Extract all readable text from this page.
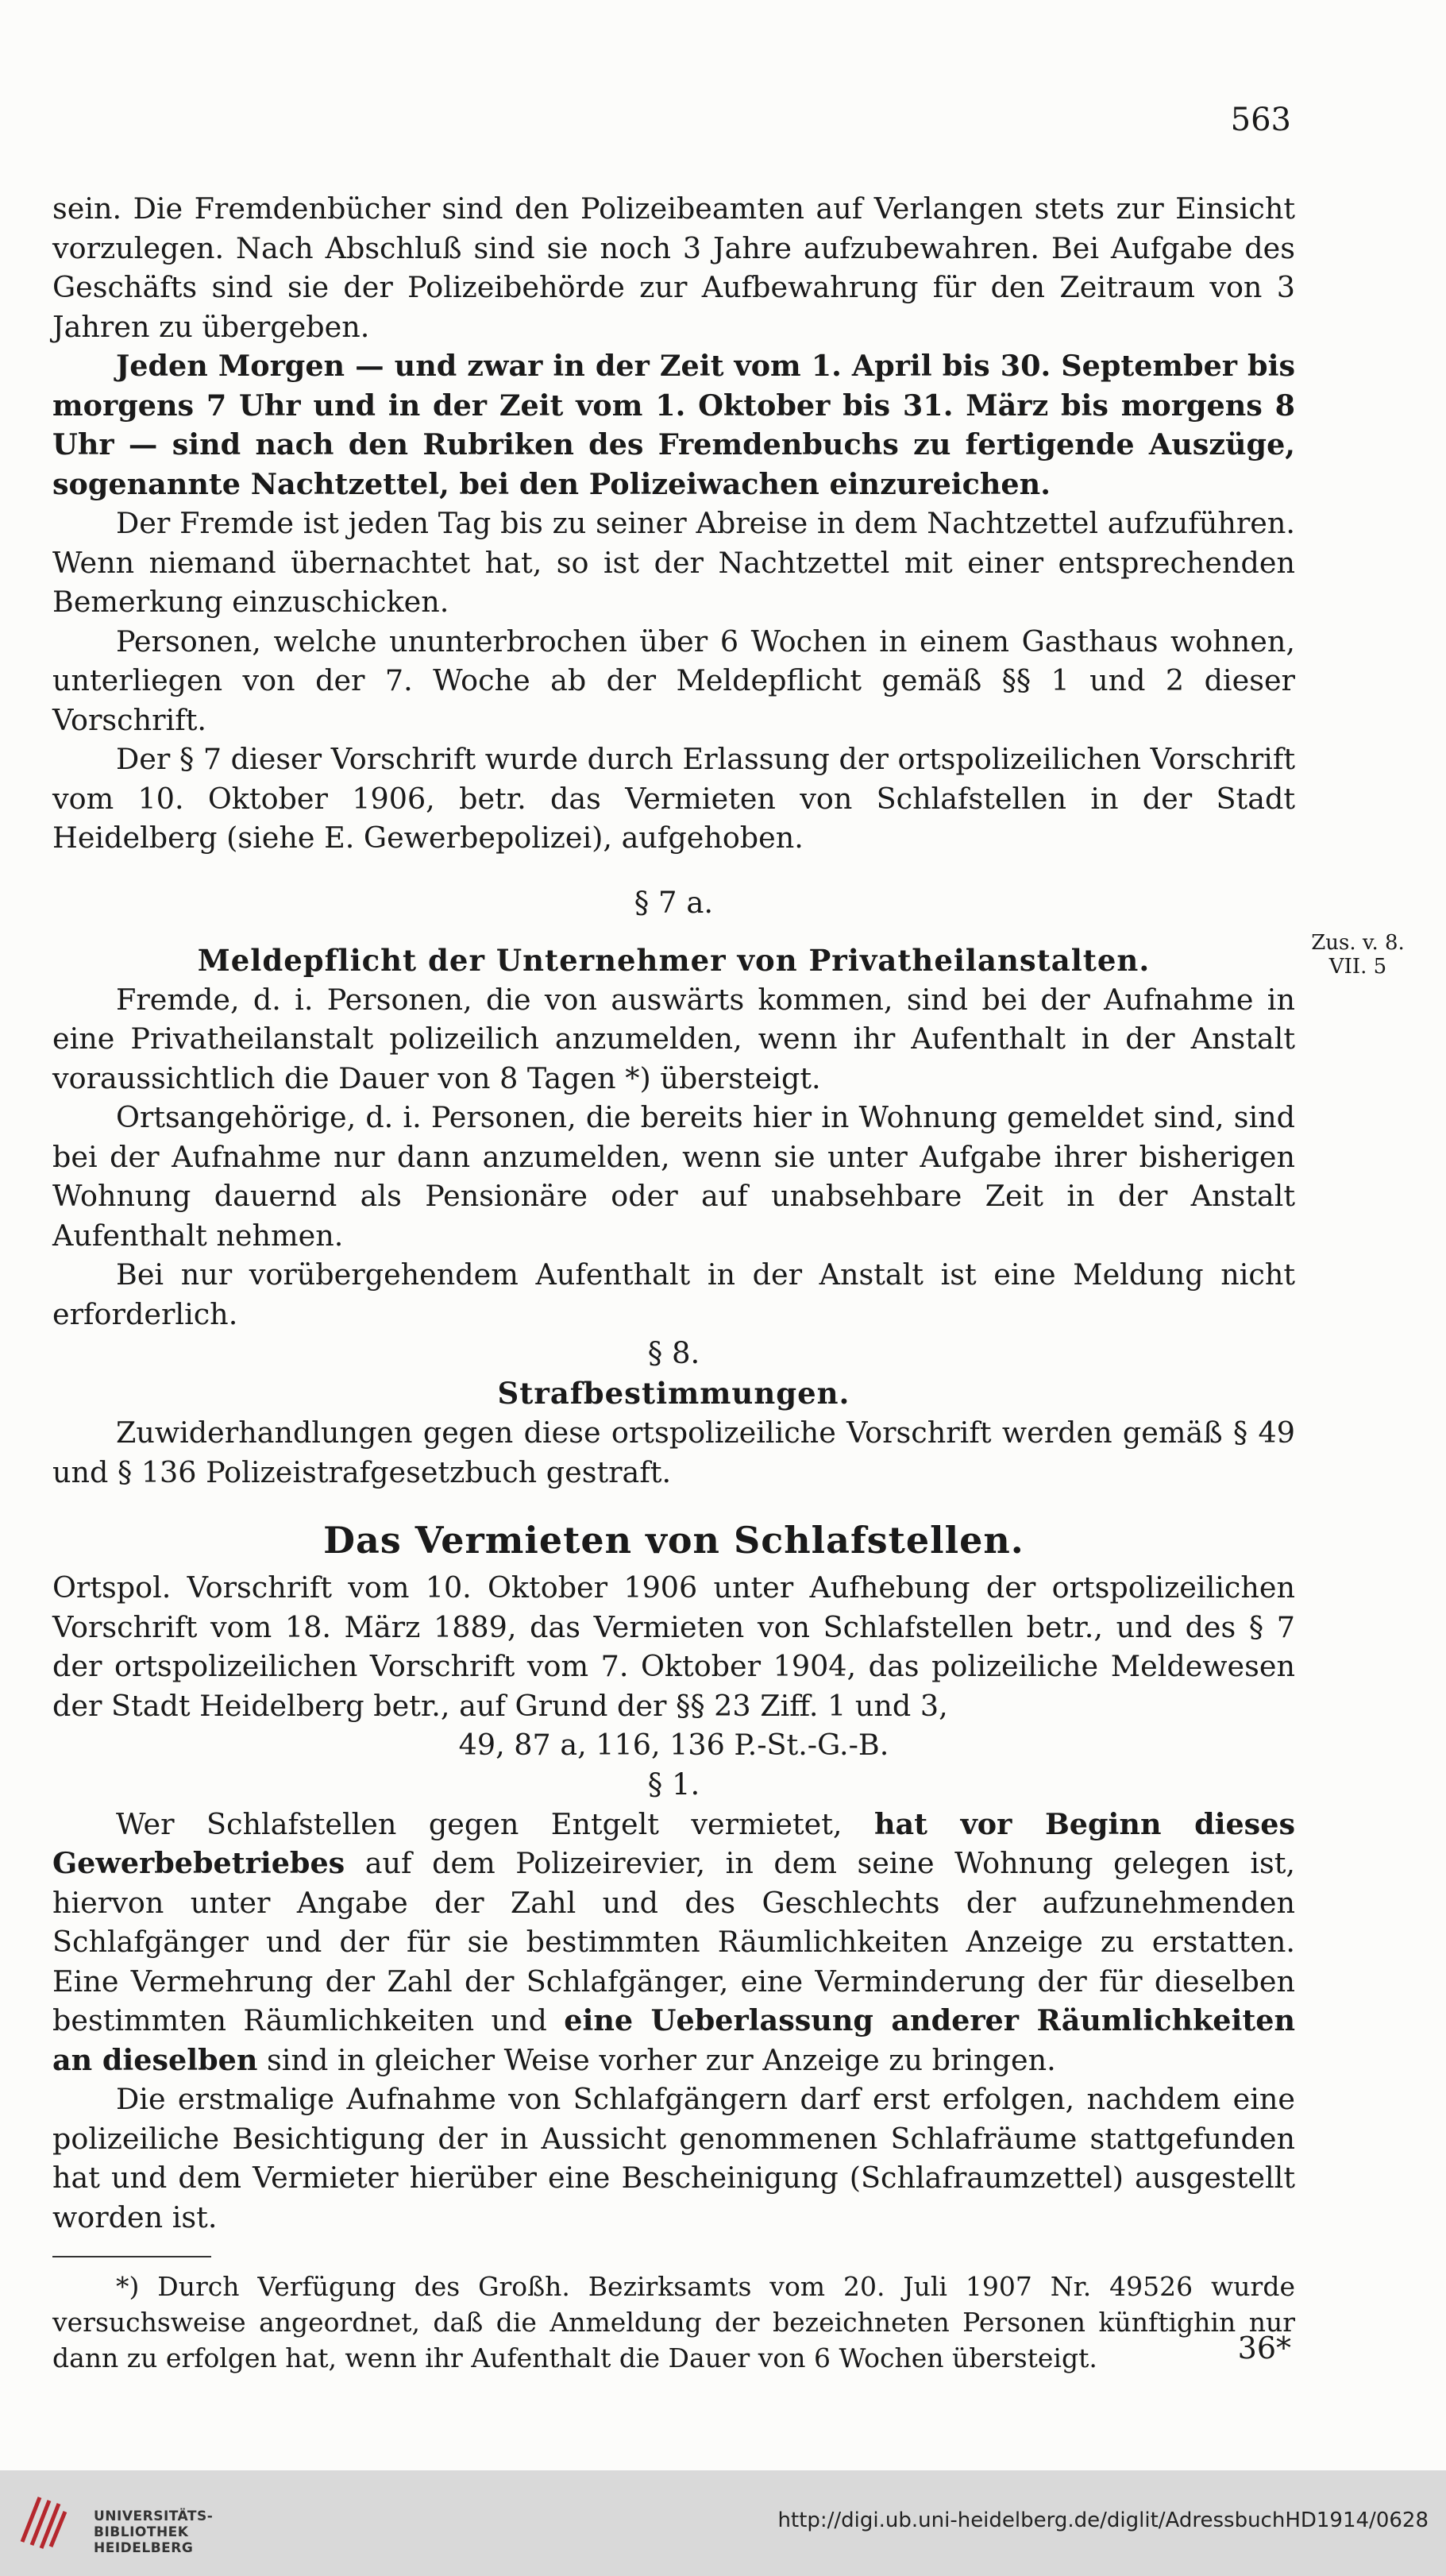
563

sein. Die Fremdenbücher sind den Polizeibeamten auf Verlangen stets zur Einsicht vorzulegen. Nach Abschluß sind sie noch 3 Jahre aufzubewahren. Bei Aufgabe des Geschäfts sind sie der Polizeibehörde zur Aufbewahrung für den Zeitraum von 3 Jahren zu übergeben.

Jeden Morgen — und zwar in der Zeit vom 1. April bis 30. September bis morgens 7 Uhr und in der Zeit vom 1. Oktober bis 31. März bis morgens 8 Uhr — sind nach den Rubriken des Fremdenbuchs zu fertigende Auszüge, sogenannte Nachtzettel, bei den Polizeiwachen einzureichen.

Der Fremde ist jeden Tag bis zu seiner Abreise in dem Nachtzettel aufzuführen. Wenn niemand übernachtet hat, so ist der Nachtzettel mit einer entsprechenden Bemerkung einzuschicken.

Personen, welche ununterbrochen über 6 Wochen in einem Gasthaus wohnen, unterliegen von der 7. Woche ab der Meldepflicht gemäß §§ 1 und 2 dieser Vorschrift.

Der § 7 dieser Vorschrift wurde durch Erlassung der ortspolizeilichen Vorschrift vom 10. Oktober 1906, betr. das Vermieten von Schlafstellen in der Stadt Heidelberg (siehe E. Gewerbepolizei), aufgehoben.

§ 7 a.
Meldepflicht der Unternehmer von Privatheilanstalten.

Fremde, d. i. Personen, die von auswärts kommen, sind bei der Aufnahme in eine Privatheilanstalt polizeilich anzumelden, wenn ihr Aufenthalt in der Anstalt voraussichtlich die Dauer von 8 Tagen *) übersteigt.

Ortsangehörige, d. i. Personen, die bereits hier in Wohnung gemeldet sind, sind bei der Aufnahme nur dann anzumelden, wenn sie unter Aufgabe ihrer bisherigen Wohnung dauernd als Pensionäre oder auf unabsehbare Zeit in der Anstalt Aufenthalt nehmen.

Bei nur vorübergehendem Aufenthalt in der Anstalt ist eine Meldung nicht erforderlich.

§ 8.
Strafbestimmungen.

Zuwiderhandlungen gegen diese ortspolizeiliche Vorschrift werden gemäß § 49 und § 136 Polizeistrafgesetzbuch gestraft.

Das Vermieten von Schlafstellen.

Ortspol. Vorschrift vom 10. Oktober 1906 unter Aufhebung der ortspolizeilichen Vorschrift vom 18. März 1889, das Vermieten von Schlafstellen betr., und des § 7 der ortspolizeilichen Vorschrift vom 7. Oktober 1904, das polizeiliche Meldewesen der Stadt Heidelberg betr., auf Grund der §§ 23 Ziff. 1 und 3,

49, 87 a, 116, 136 P.-St.-G.-B.

§ 1.

Wer Schlafstellen gegen Entgelt vermietet, hat vor Beginn dieses Gewerbebetriebes auf dem Polizeirevier, in dem seine Wohnung gelegen ist, hiervon unter Angabe der Zahl und des Geschlechts der aufzunehmenden Schlafgänger und der für sie bestimmten Räumlichkeiten Anzeige zu erstatten. Eine Vermehrung der Zahl der Schlafgänger, eine Verminderung der für dieselben bestimmten Räumlichkeiten und eine Ueberlassung anderer Räumlichkeiten an dieselben sind in gleicher Weise vorher zur Anzeige zu bringen.

Die erstmalige Aufnahme von Schlafgängern darf erst erfolgen, nachdem eine polizeiliche Besichtigung der in Aussicht genommenen Schlafräume stattgefunden hat und dem Vermieter hierüber eine Bescheinigung (Schlafraumzettel) ausgestellt worden ist.

*) Durch Verfügung des Großh. Bezirksamts vom 20. Juli 1907 Nr. 49526 wurde versuchsweise angeordnet, daß die Anmeldung der bezeichneten Personen künftighin nur dann zu erfolgen hat, wenn ihr Aufenthalt die Dauer von 6 Wochen übersteigt.

Zus. v. 8. VII. 5
36*
UNIVERSITÄTS-
BIBLIOTHEK
HEIDELBERG
http://digi.ub.uni-heidelberg.de/diglit/AdressbuchHD1914/0628
